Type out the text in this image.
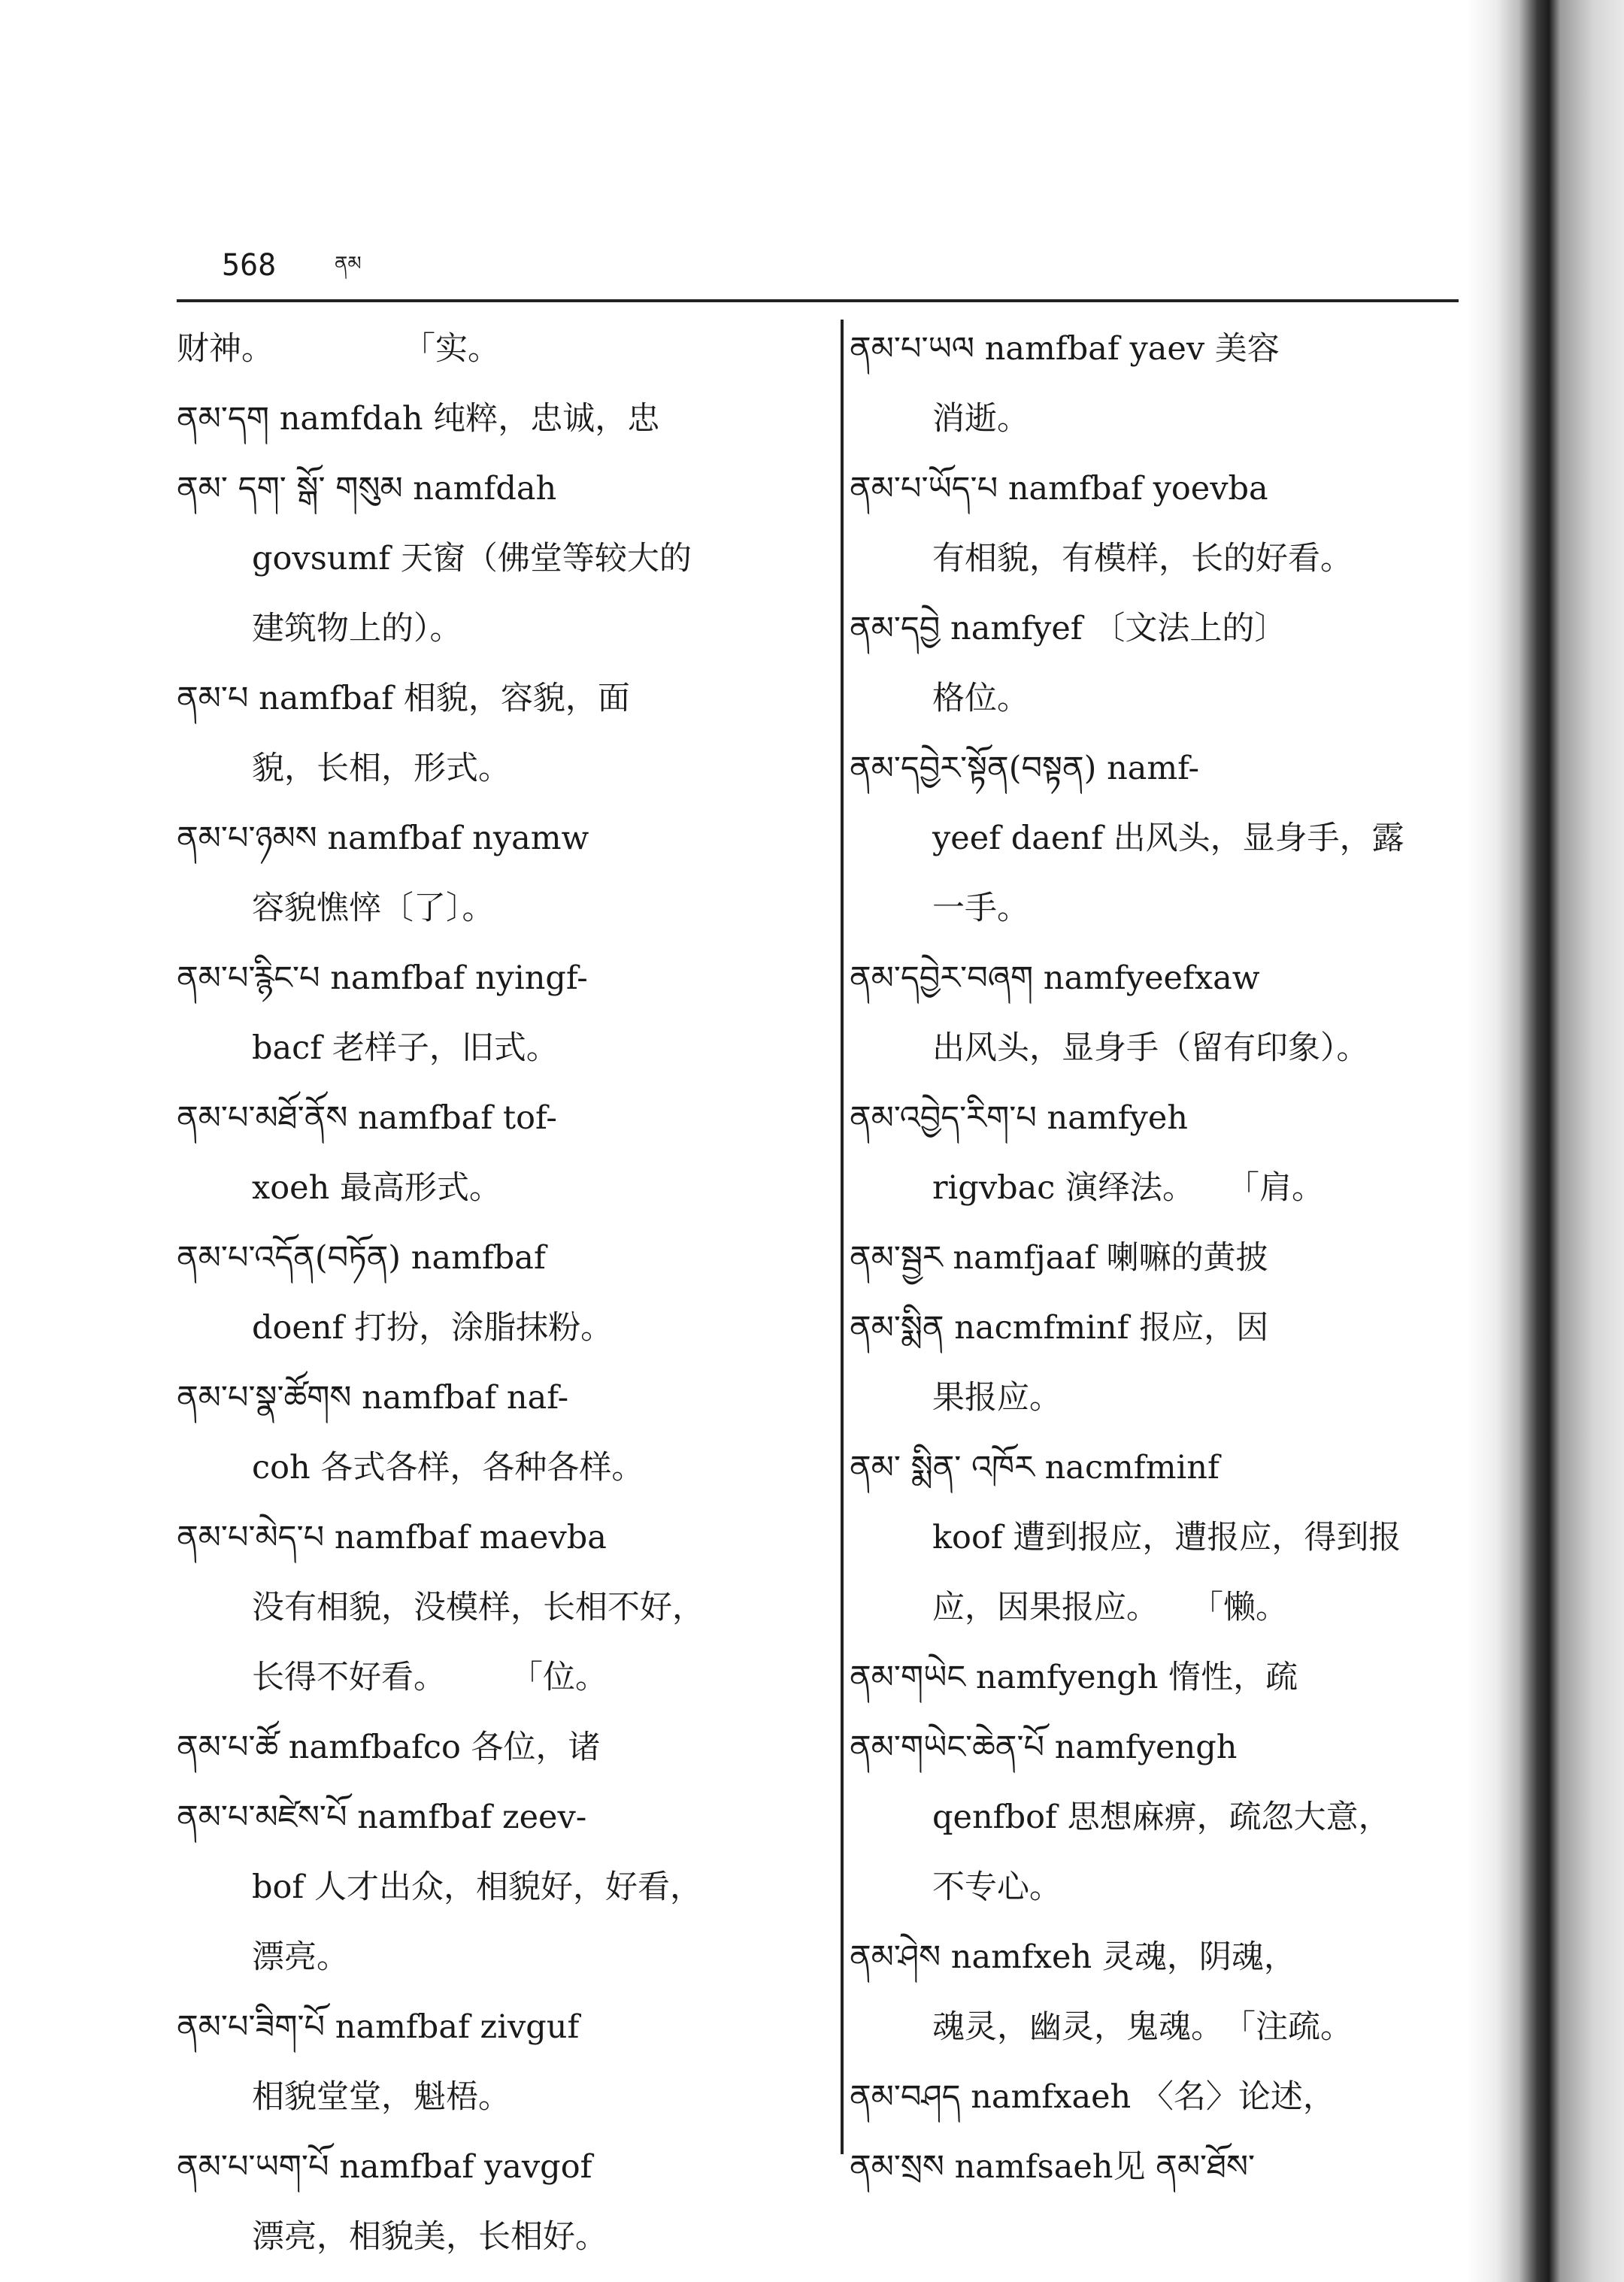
568	ནམ
财神。　　　　　「实。
ནམ་དག namfdah 纯粹，忠诚，忠
ནམ་ དག་ སྒོ་ གསུམ namfdah
govsumf 天窗（佛堂等较大的
建筑物上的）。
ནམ་པ namfbaf 相貌，容貌，面
貌，长相，形式。
ནམ་པ་ཉམས namfbaf nyamw
容貌憔悴〔了〕。
ནམ་པ་རྙིང་པ namfbaf nyingf-
bacf 老样子，旧式。
ནམ་པ་མཐོ་ནོས namfbaf tof-
xoeh 最高形式。
ནམ་པ་འདོན(བཏོན) namfbaf
doenf 打扮，涂脂抹粉。
ནམ་པ་སྣ་ཚོགས namfbaf naf-
coh 各式各样，各种各样。
ནམ་པ་མེད་པ namfbaf maevba
没有相貌，没模样，长相不好，
长得不好看。　　　「位。
ནམ་པ་ཚོ namfbafco 各位，诸
ནམ་པ་མཛེས་པོ namfbaf zeev-
bof 人才出众，相貌好，好看，
漂亮。
ནམ་པ་ཟིག་པོ namfbaf zivguf
相貌堂堂，魁梧。
ནམ་པ་ཡག་པོ namfbaf yavgof
漂亮，相貌美，长相好。
ནམ་པ་ཡལ namfbaf yaev 美容
消逝。
ནམ་པ་ཡོད་པ namfbaf yoevba
有相貌，有模样，长的好看。
ནམ་དབྱེ namfyef 〔文法上的〕
格位。
ནམ་དབྱེར་སྟོན(བསྟན) namf-
yeef daenf 出风头，显身手，露
一手。
ནམ་དབྱེར་བཞག namfyeefxaw
出风头，显身手（留有印象）。
ནམ་འབྱེད་རིག་པ namfyeh
rigvbac 演绎法。　　「肩。
ནམ་སྦྱར namfjaaf 喇嘛的黄披
ནམ་སྨིན nacmfminf 报应，因
果报应。
ནམ་ སྨིན་ འཁོར nacmfminf
koof 遭到报应，遭报应，得到报
应，因果报应。　　「懒。
ནམ་གཡེང namfyengh 惰性，疏
ནམ་གཡེང་ཆེན་པོ namfyengh
qenfbof 思想麻痹，疏忽大意，
不专心。
ནམ་ཤེས namfxeh 灵魂，阴魂，
魂灵，幽灵，鬼魂。　「注疏。
ནམ་བཤད namfxaeh 〈名〉论述，
ནམ་སྲས namfsaeh见 ནམ་ཐོས་
